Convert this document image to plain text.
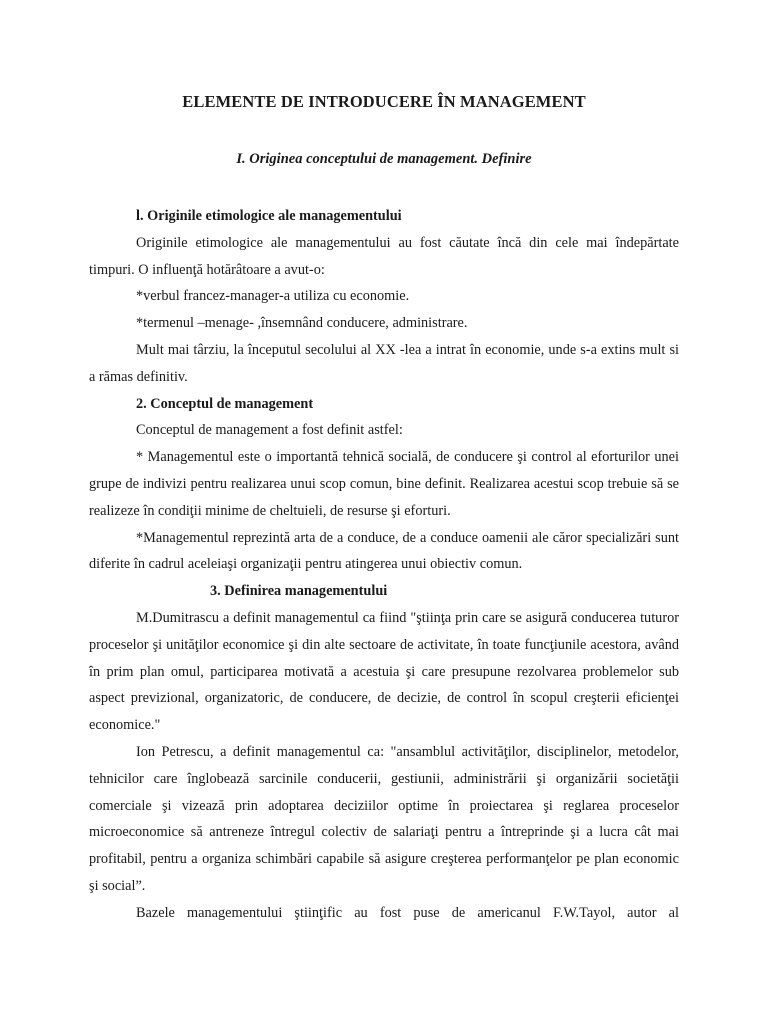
ELEMENTE DE INTRODUCERE ÎN MANAGEMENT
I. Originea conceptului de management. Definire

l. Originile etimologice ale managementului

Originile etimologice ale managementului au fost căutate încă din cele mai îndepărtate timpuri. O influenţă hotărâtoare a avut-o:

*verbul francez-manager-a utiliza cu economie.

*termenul –menage- ,însemnând conducere, administrare.

Mult mai târziu, la începutul secolului al XX -lea a intrat în economie, unde s-a extins mult si a rămas definitiv.

2. Conceptul de management

Conceptul de management a fost definit astfel:

* Managementul este o importantă tehnică socială, de conducere şi control al eforturilor unei grupe de indivizi pentru realizarea unui scop comun, bine definit. Realizarea acestui scop trebuie să se realizeze în condiţii minime de cheltuieli, de resurse şi eforturi.

*Managementul reprezintă arta de a conduce, de a conduce oamenii ale căror specializări sunt diferite în cadrul aceleiaşi organizaţii pentru atingerea unui obiectiv comun.

3. Definirea managementului

M.Dumitrascu a definit managementul ca fiind "ştiinţa prin care se asigură conducerea tuturor proceselor şi unităţilor economice şi din alte sectoare de activitate, în toate funcţiunile acestora, având în prim plan omul, participarea motivată a acestuia şi care presupune rezolvarea problemelor sub aspect previzional, organizatoric, de conducere, de decizie, de control în scopul creşterii eficienţei economice."

Ion Petrescu, a definit managementul ca: "ansamblul activităţilor, disciplinelor, metodelor, tehnicilor care înglobează sarcinile conducerii, gestiunii, administrării şi organizării societăţii comerciale şi vizează prin adoptarea deciziilor optime în proiectarea şi reglarea proceselor microeconomice să antreneze întregul colectiv de salariaţi pentru a întreprinde şi a lucra cât mai profitabil, pentru a organiza schimbări capabile să asigure creşterea performanţelor pe plan economic şi social”.

Bazele managementului ştiinţific au fost puse de americanul F.W.Tayol, autor al
